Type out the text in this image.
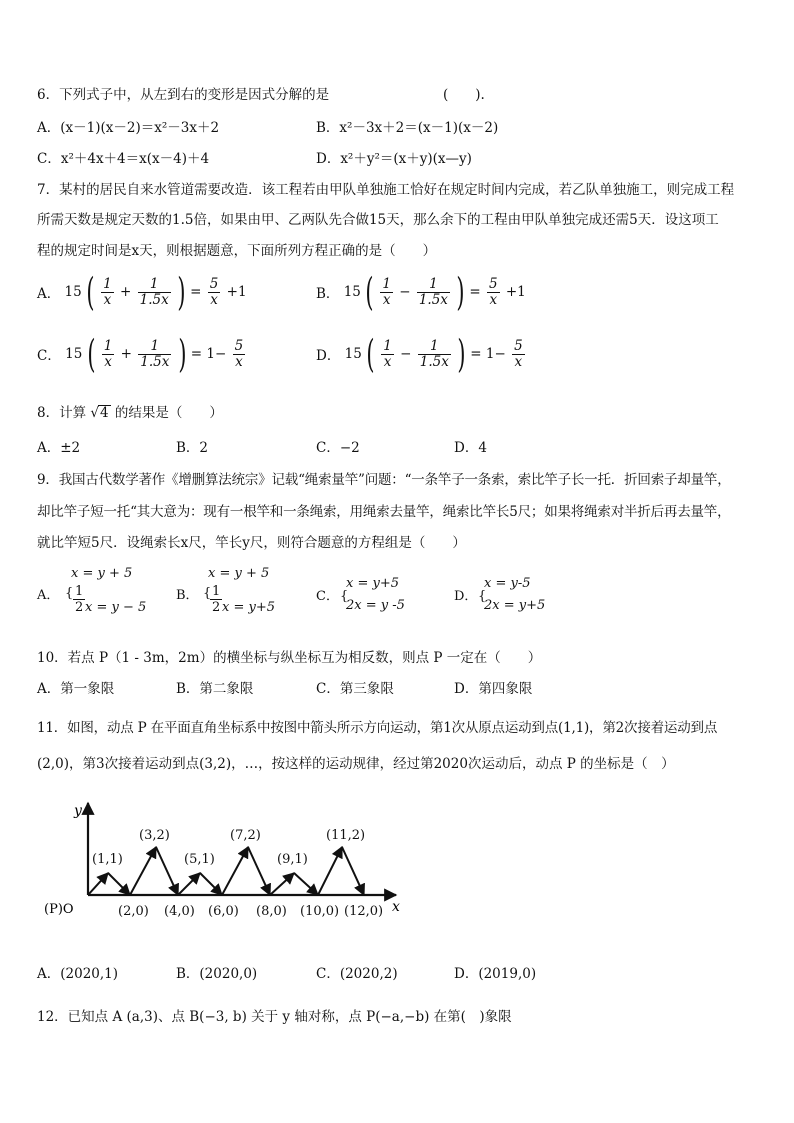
6．下列式子中，从左到右的变形是因式分解的是	(　　).
A．(x－1)(x－2)＝x²－3x＋2	B．x²－3x＋2＝(x－1)(x－2)
C．x²＋4x＋4＝x(x－4)＋4	D．x²＋y²＝(x＋y)(x—y)
7．某村的居民自来水管道需要改造．该工程若由甲队单独施工恰好在规定时间内完成，若乙队单独施工，则完成工程
所需天数是规定天数的1.5倍，如果由甲、乙两队先合做15天，那么余下的工程由甲队单独完成还需5天．设这项工
程的规定时间是x天，则根据题意，下面所列方程正确的是（　　）
A． 15 ( $\frac{1}{x} + \frac{1}{1.5x}$ ) = $\frac{5}{x} +1$	B． 15 ( $\frac{1}{x} - \frac{1}{1.5x}$ ) = $\frac{5}{x} +1$
C． 15 ( $\frac{1}{x} + \frac{1}{1.5x}$ ) = $1- \frac{5}{x}$	D． 15 ( $\frac{1}{x} - \frac{1}{1.5x}$ ) = $1- \frac{5}{x}$
8．计算 √4 的结果是（　　）
A．±2	B．2	C．−2	D．4
9．我国古代数学著作《增删算法统宗》记载“绳索量竿”问题：“一条竿子一条索，索比竿子长一托．折回索子却量竿，
却比竿子短一托“其大意为：现有一根竿和一条绳索，用绳索去量竿，绳索比竿长5尺；如果将绳索对半折后再去量竿，
就比竿短5尺．设绳索长x尺，竿长y尺，则符合题意的方程组是（　　）
A．
x = y + 5
{ $\frac{1}{2}$ x = y − 5
B．
x = y + 5
{
$\frac{1}{2}$ x = y+5
C． {
x = y+5
2x = y -5
D． {
x = y-5
2x = y+5
10．若点 P（1 - 3m，2m）的横坐标与纵坐标互为相反数，则点 P 一定在（　　）
A．第一象限	B．第二象限	C．第三象限	D．第四象限
11．如图，动点 P 在平面直角坐标系中按图中箭头所示方向运动，第1次从原点运动到点(1,1)，第2次接着运动到点
(2,0)，第3次接着运动到点(3,2)，…，按这样的运动规律，经过第2020次运动后，动点 P 的坐标是（　）
y
x
(P)O
(1,1)
(3,2)
(5,1)
(7,2)
(9,1)
(11,2)
(2,0) (4,0) (6,0) (8,0) (10,0) (12,0)
A．(2020,1)	B．(2020,0)	C．(2020,2)	D．(2019,0)
12．已知点 A (a,3)、点 B(−3, b) 关于 y 轴对称，点 P(−a,−b) 在第(　)象限
